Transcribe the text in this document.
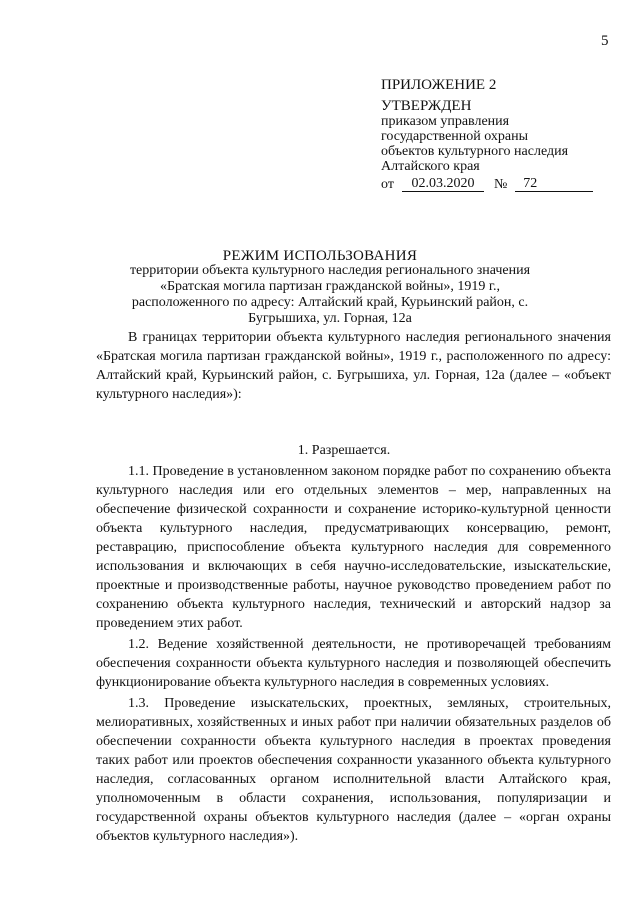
5
ПРИЛОЖЕНИЕ 2
УТВЕРЖДЕН
приказом управления
государственной охраны
объектов культурного наследия
Алтайского края
от	02.03.2020	№	72
РЕЖИМ ИСПОЛЬЗОВАНИЯ
территории объекта культурного наследия регионального значения «Братская могила партизан гражданской войны», 1919 г., расположенного по адресу: Алтайский край, Курьинский район, с. Бугрышиха, ул. Горная, 12а

В границах территории объекта культурного наследия регионального значения «Братская могила партизан гражданской войны», 1919 г., расположенного по адресу: Алтайский край, Курьинский район, с. Бугрышиха, ул. Горная, 12а (далее – «объект культурного наследия»):

1. Разрешается.

1.1. Проведение в установленном законом порядке работ по сохранению объекта культурного наследия или его отдельных элементов – мер, направленных на обеспечение физической сохранности и сохранение историко-культурной ценности объекта культурного наследия, предусматривающих консервацию, ремонт, реставрацию, приспособление объекта культурного наследия для современного использования и включающих в себя научно-исследовательские, изыскательские, проектные и производственные работы, научное руководство проведением работ по сохранению объекта культурного наследия, технический и авторский надзор за проведением этих работ.

1.2. Ведение хозяйственной деятельности, не противоречащей требованиям обеспечения сохранности объекта культурного наследия и позволяющей обеспечить функционирование объекта культурного наследия в современных условиях.

1.3. Проведение изыскательских, проектных, земляных, строительных, мелиоративных, хозяйственных и иных работ при наличии обязательных разделов об обеспечении сохранности объекта культурного наследия в проектах проведения таких работ или проектов обеспечения сохранности указанного объекта культурного наследия, согласованных органом исполнительной власти Алтайского края, уполномоченным в области сохранения, использования, популяризации и государственной охраны объектов культурного наследия (далее – «орган охраны объектов культурного наследия»).
